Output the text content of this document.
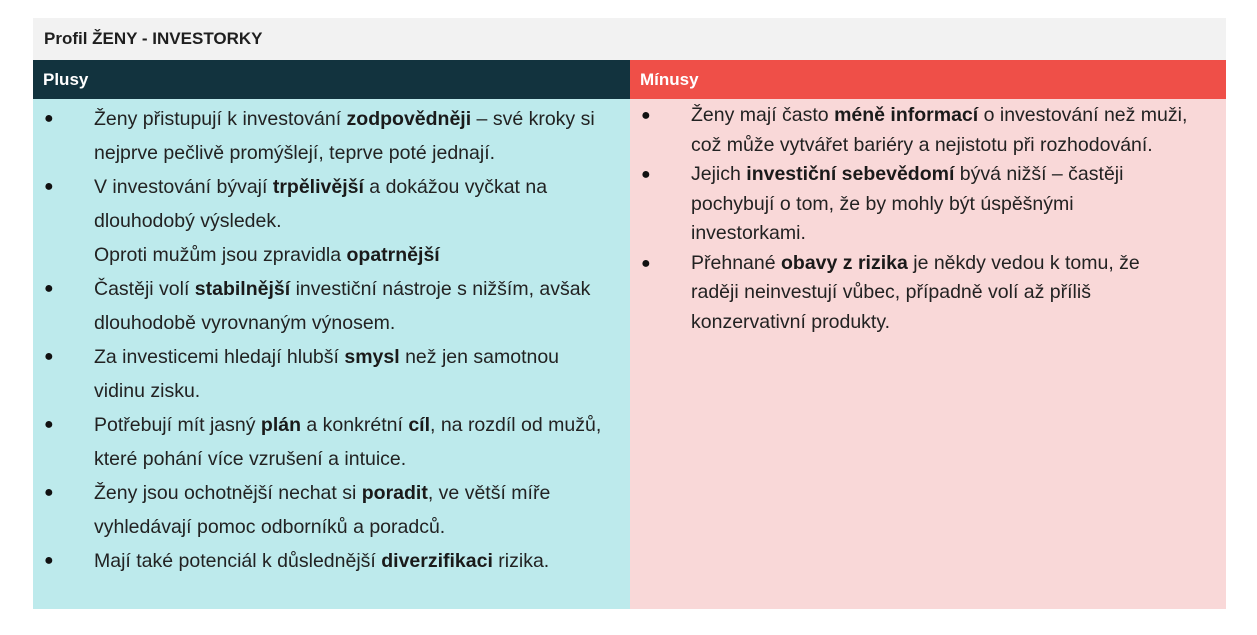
Profil ŽENY - INVESTORKY
Plusy
● Ženy přistupují k investování zodpovědněji – své kroky si nejprve pečlivě promýšlejí, teprve poté jednají.
● V investování bývají trpělivější a dokážou vyčkat na dlouhodobý výsledek.
Oproti mužům jsou zpravidla opatrnější
● Častěji volí stabilnější investiční nástroje s nižším, avšak dlouhodobě vyrovnaným výnosem.
● Za investicemi hledají hlubší smysl než jen samotnou vidinu zisku.
● Potřebují mít jasný plán a konkrétní cíl, na rozdíl od mužů, které pohání více vzrušení a intuice.
● Ženy jsou ochotnější nechat si poradit, ve větší míře vyhledávají pomoc odborníků a poradců.
● Mají také potenciál k důslednější diverzifikaci rizika.
Mínusy
● Ženy mají často méně informací o investování než muži, což může vytvářet bariéry a nejistotu při rozhodování.
● Jejich investiční sebevědomí bývá nižší – častěji pochybují o tom, že by mohly být úspěšnými investorkami.
● Přehnané obavy z rizika je někdy vedou k tomu, že raději neinvestují vůbec, případně volí až příliš konzervativní produkty.
